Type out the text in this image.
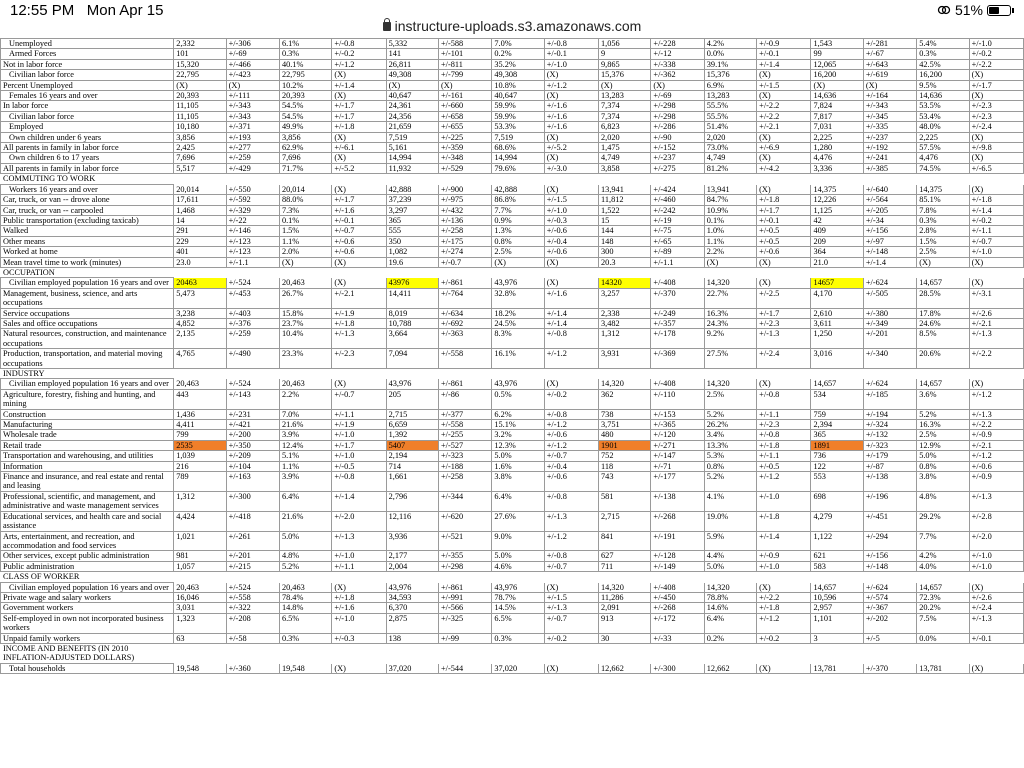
12:55 PM Mon Apr 15	51%
instructure-uploads.s3.amazonaws.com
Unemployed	2,332	+/-306	6.1%	+/-0.8	5,332	+/-588	7.0%	+/-0.8	1,056	+/-228	4.2%	+/-0.9	1,543	+/-281	5.4%	+/-1.0
Armed Forces	101	+/-69	0.3%	+/-0.2	141	+/-101	0.2%	+/-0.1	9	+/-12	0.0%	+/-0.1	99	+/-67	0.3%	+/-0.2
Not in labor force	15,320	+/-466	40.1%	+/-1.2	26,811	+/-811	35.2%	+/-1.0	9,865	+/-338	39.1%	+/-1.4	12,065	+/-643	42.5%	+/-2.2
Civilian labor force	22,795	+/-423	22,795	(X)	49,308	+/-799	49,308	(X)	15,376	+/-362	15,376	(X)	16,200	+/-619	16,200	(X)
Percent Unemployed	(X)	(X)	10.2%	+/-1.4	(X)	(X)	10.8%	+/-1.2	(X)	(X)	6.9%	+/-1.5	(X)	(X)	9.5%	+/-1.7
Females 16 years and over	20,393	+/-111	20,393	(X)	40,647	+/-161	40,647	(X)	13,283	+/-69	13,283	(X)	14,636	+/-164	14,636	(X)
In labor force	11,105	+/-343	54.5%	+/-1.7	24,361	+/-660	59.9%	+/-1.6	7,374	+/-298	55.5%	+/-2.2	7,824	+/-343	53.5%	+/-2.3
Civilian labor force	11,105	+/-343	54.5%	+/-1.7	24,356	+/-658	59.9%	+/-1.6	7,374	+/-298	55.5%	+/-2.2	7,817	+/-345	53.4%	+/-2.3
Employed	10,180	+/-371	49.9%	+/-1.8	21,659	+/-655	53.3%	+/-1.6	6,823	+/-286	51.4%	+/-2.1	7,031	+/-335	48.0%	+/-2.4
Own children under 6 years	3,856	+/-193	3,856	(X)	7,519	+/-225	7,519	(X)	2,020	+/-90	2,020	(X)	2,225	+/-237	2,225	(X)
All parents in family in labor force	2,425	+/-277	62.9%	+/-6.1	5,161	+/-359	68.6%	+/-5.2	1,475	+/-152	73.0%	+/-6.9	1,280	+/-192	57.5%	+/-9.8
Own children 6 to 17 years	7,696	+/-259	7,696	(X)	14,994	+/-348	14,994	(X)	4,749	+/-237	4,749	(X)	4,476	+/-241	4,476	(X)
All parents in family in labor force	5,517	+/-429	71.7%	+/-5.2	11,932	+/-529	79.6%	+/-3.0	3,858	+/-275	81.2%	+/-4.2	3,336	+/-385	74.5%	+/-6.5
COMMUTING TO WORK																
Workers 16 years and over	20,014	+/-550	20,014	(X)	42,888	+/-900	42,888	(X)	13,941	+/-424	13,941	(X)	14,375	+/-640	14,375	(X)
Car, truck, or van -- drove alone	17,611	+/-592	88.0%	+/-1.7	37,239	+/-975	86.8%	+/-1.5	11,812	+/-460	84.7%	+/-1.8	12,226	+/-564	85.1%	+/-1.8
Car, truck, or van -- carpooled	1,468	+/-329	7.3%	+/-1.6	3,297	+/-432	7.7%	+/-1.0	1,522	+/-242	10.9%	+/-1.7	1,125	+/-205	7.8%	+/-1.4
Public transportation (excluding taxicab)	14	+/-22	0.1%	+/-0.1	365	+/-136	0.9%	+/-0.3	15	+/-19	0.1%	+/-0.1	42	+/-34	0.3%	+/-0.2
Walked	291	+/-146	1.5%	+/-0.7	555	+/-258	1.3%	+/-0.6	144	+/-75	1.0%	+/-0.5	409	+/-156	2.8%	+/-1.1
Other means	229	+/-123	1.1%	+/-0.6	350	+/-175	0.8%	+/-0.4	148	+/-65	1.1%	+/-0.5	209	+/-97	1.5%	+/-0.7
Worked at home	401	+/-123	2.0%	+/-0.6	1,082	+/-274	2.5%	+/-0.6	300	+/-89	2.2%	+/-0.6	364	+/-148	2.5%	+/-1.0
Mean travel time to work (minutes)	23.0	+/-1.1	(X)	(X)	19.6	+/-0.7	(X)	(X)	20.3	+/-1.1	(X)	(X)	21.0	+/-1.4	(X)	(X)
OCCUPATION																
Civilian employed population 16 years and over	20463	+/-524	20,463	(X)	43976	+/-861	43,976	(X)	14320	+/-408	14,320	(X)	14657	+/-624	14,657	(X)
Management, business, science, and arts occupations	5,473	+/-453	26.7%	+/-2.1	14,411	+/-764	32.8%	+/-1.6	3,257	+/-370	22.7%	+/-2.5	4,170	+/-505	28.5%	+/-3.1
Service occupations	3,238	+/-403	15.8%	+/-1.9	8,019	+/-634	18.2%	+/-1.4	2,338	+/-249	16.3%	+/-1.7	2,610	+/-380	17.8%	+/-2.6
Sales and office occupations	4,852	+/-376	23.7%	+/-1.8	10,788	+/-692	24.5%	+/-1.4	3,482	+/-357	24.3%	+/-2.3	3,611	+/-349	24.6%	+/-2.1
Natural resources, construction, and maintenance occupations	2,135	+/-259	10.4%	+/-1.3	3,664	+/-363	8.3%	+/-0.8	1,312	+/-178	9.2%	+/-1.3	1,250	+/-201	8.5%	+/-1.3
Production, transportation, and material moving occupations	4,765	+/-490	23.3%	+/-2.3	7,094	+/-558	16.1%	+/-1.2	3,931	+/-369	27.5%	+/-2.4	3,016	+/-340	20.6%	+/-2.2
INDUSTRY																
Civilian employed population 16 years and over	20,463	+/-524	20,463	(X)	43,976	+/-861	43,976	(X)	14,320	+/-408	14,320	(X)	14,657	+/-624	14,657	(X)
Agriculture, forestry, fishing and hunting, and mining	443	+/-143	2.2%	+/-0.7	205	+/-86	0.5%	+/-0.2	362	+/-110	2.5%	+/-0.8	534	+/-185	3.6%	+/-1.2
Construction	1,436	+/-231	7.0%	+/-1.1	2,715	+/-377	6.2%	+/-0.8	738	+/-153	5.2%	+/-1.1	759	+/-194	5.2%	+/-1.3
Manufacturing	4,411	+/-421	21.6%	+/-1.9	6,659	+/-558	15.1%	+/-1.2	3,751	+/-365	26.2%	+/-2.3	2,394	+/-324	16.3%	+/-2.2
Wholesale trade	799	+/-200	3.9%	+/-1.0	1,392	+/-255	3.2%	+/-0.6	480	+/-120	3.4%	+/-0.8	365	+/-132	2.5%	+/-0.9
Retail trade	2535	+/-350	12.4%	+/-1.7	5407	+/-527	12.3%	+/-1.2	1901	+/-271	13.3%	+/-1.8	1891	+/-323	12.9%	+/-2.1
Transportation and warehousing, and utilities	1,039	+/-209	5.1%	+/-1.0	2,194	+/-323	5.0%	+/-0.7	752	+/-147	5.3%	+/-1.1	736	+/-179	5.0%	+/-1.2
Information	216	+/-104	1.1%	+/-0.5	714	+/-188	1.6%	+/-0.4	118	+/-71	0.8%	+/-0.5	122	+/-87	0.8%	+/-0.6
Finance and insurance, and real estate and rental and leasing	789	+/-163	3.9%	+/-0.8	1,661	+/-258	3.8%	+/-0.6	743	+/-177	5.2%	+/-1.2	553	+/-138	3.8%	+/-0.9
Professional, scientific, and management, and administrative and waste management services	1,312	+/-300	6.4%	+/-1.4	2,796	+/-344	6.4%	+/-0.8	581	+/-138	4.1%	+/-1.0	698	+/-196	4.8%	+/-1.3
Educational services, and health care and social assistance	4,424	+/-418	21.6%	+/-2.0	12,116	+/-620	27.6%	+/-1.3	2,715	+/-268	19.0%	+/-1.8	4,279	+/-451	29.2%	+/-2.8
Arts, entertainment, and recreation, and accommodation and food services	1,021	+/-261	5.0%	+/-1.3	3,936	+/-521	9.0%	+/-1.2	841	+/-191	5.9%	+/-1.4	1,122	+/-294	7.7%	+/-2.0
Other services, except public administration	981	+/-201	4.8%	+/-1.0	2,177	+/-355	5.0%	+/-0.8	627	+/-128	4.4%	+/-0.9	621	+/-156	4.2%	+/-1.0
Public administration	1,057	+/-215	5.2%	+/-1.1	2,004	+/-298	4.6%	+/-0.7	711	+/-149	5.0%	+/-1.0	583	+/-148	4.0%	+/-1.0
CLASS OF WORKER																
Civilian employed population 16 years and over	20,463	+/-524	20,463	(X)	43,976	+/-861	43,976	(X)	14,320	+/-408	14,320	(X)	14,657	+/-624	14,657	(X)
Private wage and salary workers	16,046	+/-558	78.4%	+/-1.8	34,593	+/-991	78.7%	+/-1.5	11,286	+/-450	78.8%	+/-2.2	10,596	+/-574	72.3%	+/-2.6
Government workers	3,031	+/-322	14.8%	+/-1.6	6,370	+/-566	14.5%	+/-1.3	2,091	+/-268	14.6%	+/-1.8	2,957	+/-367	20.2%	+/-2.4
Self-employed in own not incorporated business workers	1,323	+/-208	6.5%	+/-1.0	2,875	+/-325	6.5%	+/-0.7	913	+/-172	6.4%	+/-1.2	1,101	+/-202	7.5%	+/-1.3
Unpaid family workers	63	+/-58	0.3%	+/-0.3	138	+/-99	0.3%	+/-0.2	30	+/-33	0.2%	+/-0.2	3	+/-5	0.0%	+/-0.1
INCOME AND BENEFITS (IN 2010 INFLATION-ADJUSTED DOLLARS)																
Total households	19,548	+/-360	19,548	(X)	37,020	+/-544	37,020	(X)	12,662	+/-300	12,662	(X)	13,781	+/-370	13,781	(X)
